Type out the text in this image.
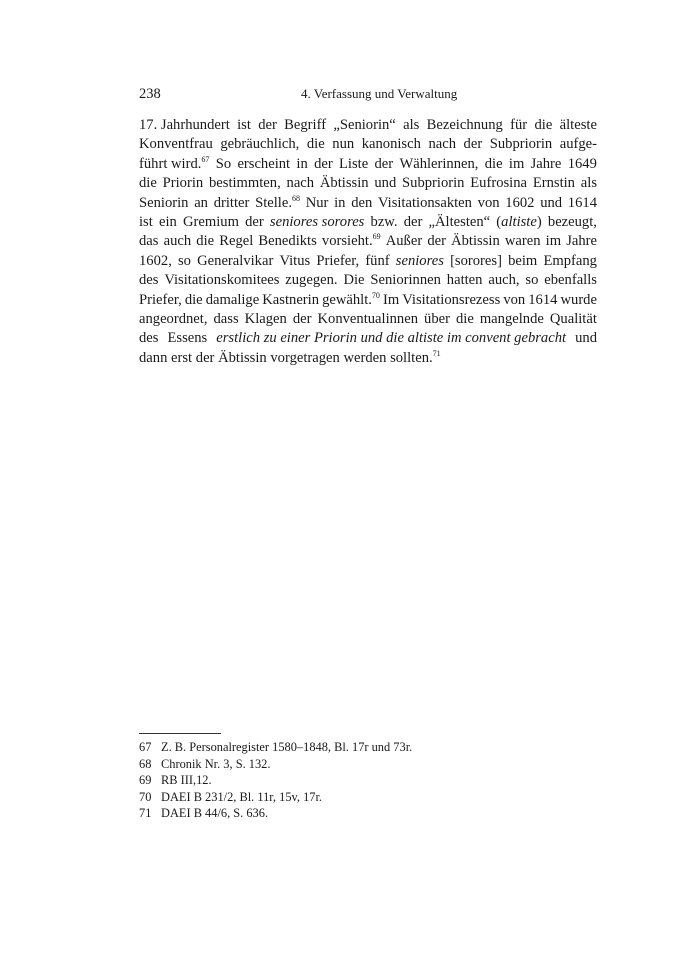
238	4. Verfassung und Verwaltung
17. Jahrhundert ist der Begriff „Seniorin“ als Bezeichnung für die älteste
Konventfrau gebräuchlich, die nun kanonisch nach der Subpriorin aufge-
führt wird.$^{67}$ So erscheint in der Liste der Wählerinnen, die im Jahre 1649
die Priorin bestimmten, nach Äbtissin und Subpriorin Eufrosina Ernstin als
Seniorin an dritter Stelle.$^{68}$ Nur in den Visitationsakten von 1602 und 1614
ist ein Gremium der seniores sorores bzw. der „Ältesten“ (altiste) bezeugt,
das auch die Regel Benedikts vorsieht.$^{69}$ Außer der Äbtissin waren im Jahre
1602, so Generalvikar Vitus Priefer, fünf seniores [sorores] beim Empfang
des Visitationskomitees zugegen. Die Seniorinnen hatten auch, so ebenfalls
Priefer, die damalige Kastnerin gewählt.$^{70}$ Im Visitationsrezess von 1614 wurde
angeordnet, dass Klagen der Konventualinnen über die mangelnde Qualität
des Essens erstlich zu einer Priorin und die altiste im convent gebracht und
dann erst der Äbtissin vorgetragen werden sollten.$^{71}$
67 Z. B. Personalregister 1580–1848, Bl. 17r und 73r.
68 Chronik Nr. 3, S. 132.
69 RB III,12.
70 DAEI B 231/2, Bl. 11r, 15v, 17r.
71 DAEI B 44/6, S. 636.
